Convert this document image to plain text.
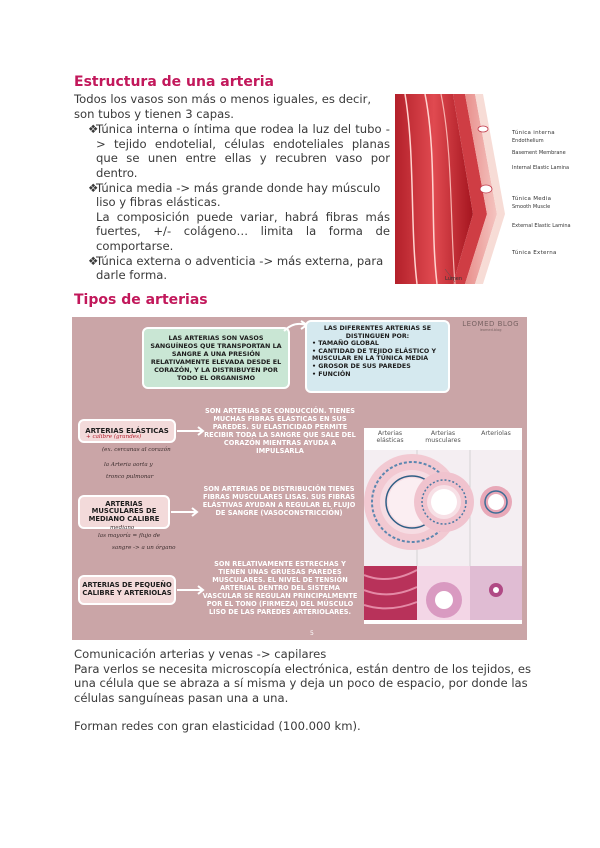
Estructura de una arteria
Todos los vasos son más o menos iguales, es decir, son tubos y tienen 3 capas.
❖
Túnica interna o íntima que rodea la luz del tubo -> tejido endotelial, células endoteliales planas que se unen entre ellas y recubren vaso por dentro.
❖
Túnica media -> más grande donde hay músculo liso y fibras elásticas.
La composición puede variar, habrá fibras más fuertes, +/- colágeno… limita la forma de comportarse.
❖
Túnica externa o adventicia -> más externa, para darle forma.
Túnica interna
Endothelium
Basement Membrane
Internal Elastic Lamina
Túnica Media
Smooth Muscle
External Elastic Lamina
Túnica Externa
Lumen
Tipos de arterias
LEOMED BLOG
leomed.blog
LAS ARTERIAS SON VASOS SANGUÍNEOS QUE TRANSPORTAN LA SANGRE A UNA PRESIÓN RELATIVAMENTE ELEVADA DESDE EL CORAZÓN, Y LA DISTRIBUYEN POR TODO EL ORGANISMO
LAS DIFERENTES ARTERIAS SE DISTINGUEN POR:
• TAMAÑO GLOBAL
• CANTIDAD DE TEJIDO ELÁSTICO Y MUSCULAR EN LA TÚNICA MEDIA
• GROSOR DE SUS PAREDES
• FUNCIÓN
ARTERIAS ELÁSTICAS
+ calibre (grandes)
(ex. cercanas al corazón
la Arteria aorta y
tronco pulmonar
SON ARTERIAS DE CONDUCCIÓN. TIENES MUCHAS FIBRAS ELÁSTICAS EN SUS PAREDES. SU ELASTICIDAD PERMITE RECIBIR TODA LA SANGRE QUE SALE DEL CORAZÓN MIENTRAS AYUDA A IMPULSARLA
ARTERIAS MUSCULARES DE MEDIANO CALIBRE
mediano
las mayoría = flujo de
sangre -> a un órgano
SON ARTERIAS DE DISTRIBUCIÓN TIENES FIBRAS MUSCULARES LISAS. SUS FIBRAS ELÁSTIVAS AYUDAN A REGULAR EL FLUJO DE SANGRE (VASOCONSTRICCIÓN)
ARTERIAS DE PEQUEÑO CALIBRE Y ARTERIOLAS
SON RELATIVAMENTE ESTRECHAS Y TIENEN UNAS GRUESAS PAREDES MUSCULARES. EL NIVEL DE TENSIÓN ARTERIAL DENTRO DEL SISTEMA VASCULAR SE REGULAN PRINCIPALMENTE POR EL TONO (FIRMEZA) DEL MÚSCULO LISO DE LAS PAREDES ARTERIOLARES.
5
Arterias elásticas
Arterias musculares
Arteriolas
Comunicación arterias y venas -> capilares
Para verlos se necesita microscopía electrónica, están dentro de los tejidos, es una célula que se abraza a sí misma y deja un poco de espacio, por donde las células sanguíneas pasan una a una.
Forman redes con gran elasticidad (100.000 km).
